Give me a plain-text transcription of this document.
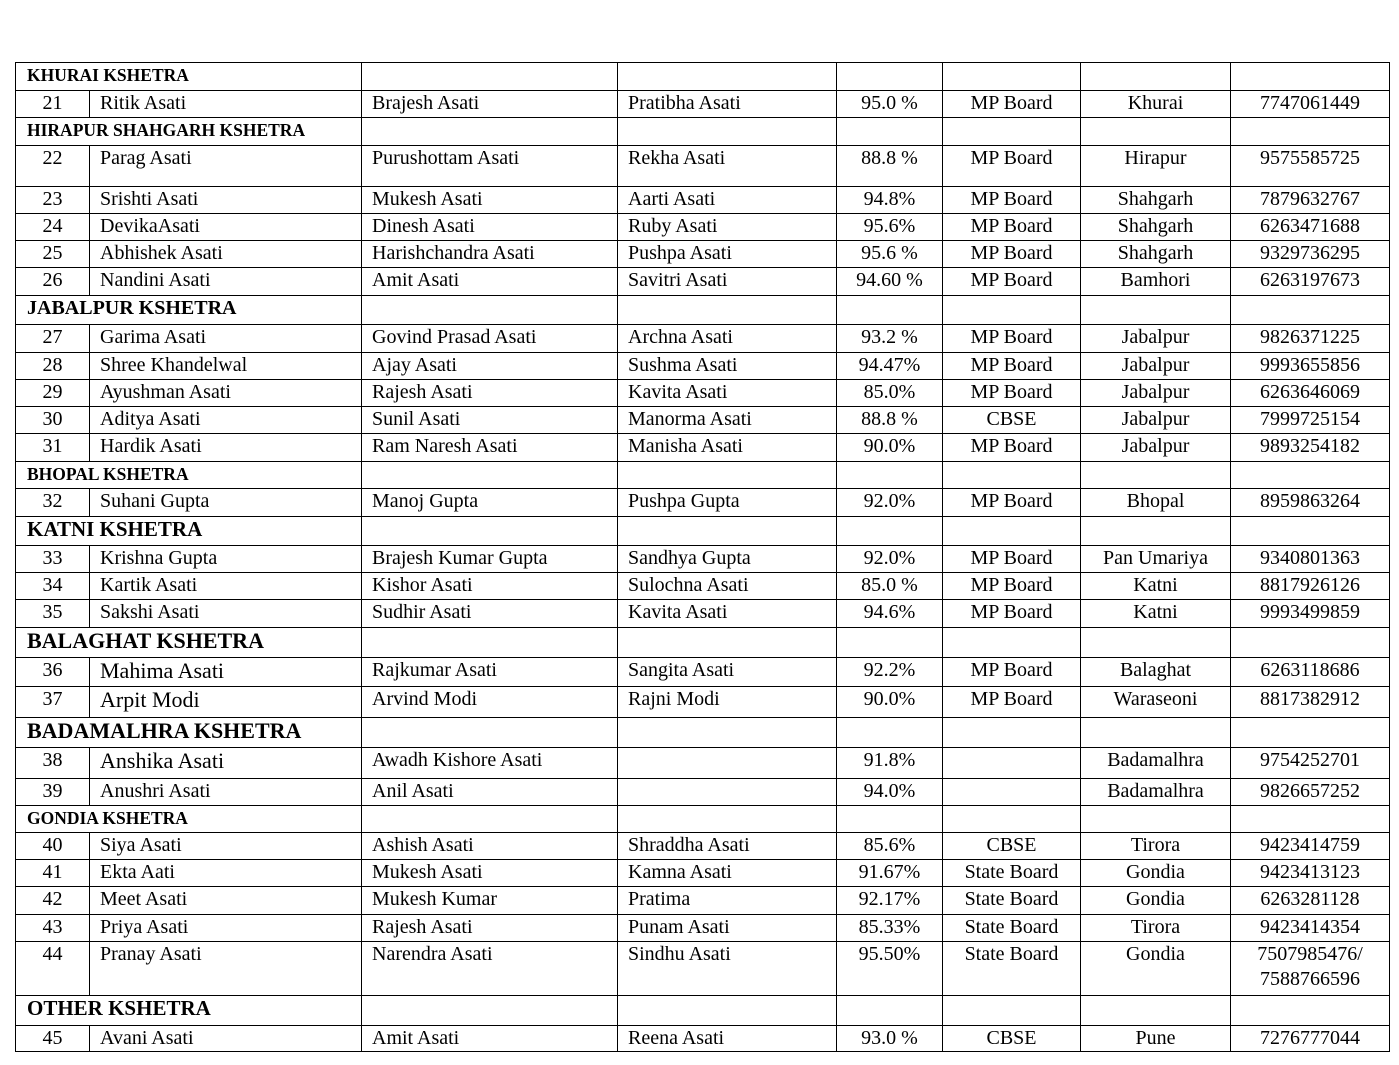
KHURAI KSHETRA							
21	Ritik Asati	Brajesh Asati	Pratibha Asati	95.0 %	MP Board	Khurai	7747061449
HIRAPUR SHAHGARH KSHETRA							
22	Parag Asati	Purushottam Asati	Rekha Asati	88.8 %	MP Board	Hirapur	9575585725
23	Srishti Asati	Mukesh Asati	Aarti Asati	94.8%	MP Board	Shahgarh	7879632767
24	DevikaAsati	Dinesh Asati	Ruby Asati	95.6%	MP Board	Shahgarh	6263471688
25	Abhishek Asati	Harishchandra Asati	Pushpa Asati	95.6 %	MP Board	Shahgarh	9329736295
26	Nandini Asati	Amit Asati	Savitri Asati	94.60 %	MP Board	Bamhori	6263197673
JABALPUR KSHETRA							
27	Garima Asati	Govind Prasad Asati	Archna Asati	93.2 %	MP Board	Jabalpur	9826371225
28	Shree Khandelwal	Ajay Asati	Sushma Asati	94.47%	MP Board	Jabalpur	9993655856
29	Ayushman Asati	Rajesh Asati	Kavita Asati	85.0%	MP Board	Jabalpur	6263646069
30	Aditya Asati	Sunil Asati	Manorma Asati	88.8 %	CBSE	Jabalpur	7999725154
31	Hardik Asati	Ram Naresh Asati	Manisha Asati	90.0%	MP Board	Jabalpur	9893254182
BHOPAL KSHETRA							
32	Suhani Gupta	Manoj Gupta	Pushpa Gupta	92.0%	MP Board	Bhopal	8959863264
KATNI KSHETRA							
33	Krishna Gupta	Brajesh Kumar Gupta	Sandhya Gupta	92.0%	MP Board	Pan Umariya	9340801363
34	Kartik Asati	Kishor Asati	Sulochna Asati	85.0 %	MP Board	Katni	8817926126
35	Sakshi Asati	Sudhir Asati	Kavita Asati	94.6%	MP Board	Katni	9993499859
BALAGHAT KSHETRA							
36	Mahima Asati	Rajkumar Asati	Sangita Asati	92.2%	MP Board	Balaghat	6263118686
37	Arpit Modi	Arvind Modi	Rajni Modi	90.0%	MP Board	Waraseoni	8817382912
BADAMALHRA KSHETRA							
38	Anshika Asati	Awadh Kishore Asati		91.8%		Badamalhra	9754252701
39	Anushri Asati	Anil Asati		94.0%		Badamalhra	9826657252
GONDIA KSHETRA							
40	Siya Asati	Ashish Asati	Shraddha Asati	85.6%	CBSE	Tirora	9423414759
41	Ekta Aati	Mukesh Asati	Kamna Asati	91.67%	State Board	Gondia	9423413123
42	Meet Asati	Mukesh Kumar	Pratima	92.17%	State Board	Gondia	6263281128
43	Priya Asati	Rajesh Asati	Punam Asati	85.33%	State Board	Tirora	9423414354
44	Pranay Asati	Narendra Asati	Sindhu Asati	95.50%	State Board	Gondia	7507985476/
7588766596
OTHER KSHETRA							
45	Avani Asati	Amit Asati	Reena Asati	93.0 %	CBSE	Pune	7276777044
